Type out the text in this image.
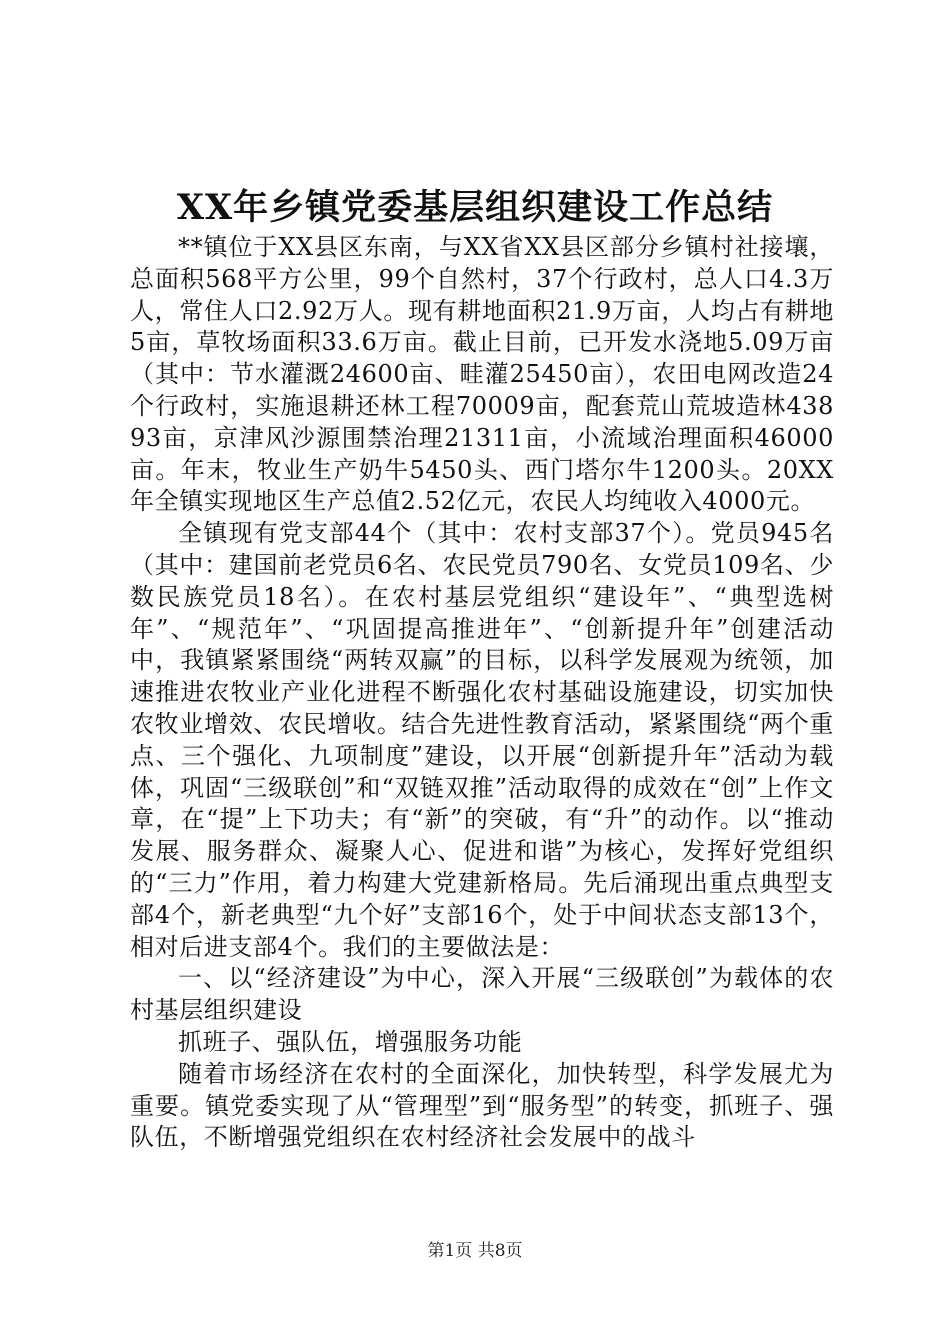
XX年乡镇党委基层组织建设工作总结

**镇位于XX县区东南，与XX省XX县区部分乡镇村社接壤，总面积568平方公里，99个自然村，37个行政村，总人口4.3万人，常住人口2.92万人。现有耕地面积21.9万亩，人均占有耕地5亩，草牧场面积33.6万亩。截止目前，已开发水浇地5.09万亩（其中：节水灌溉24600亩、畦灌25450亩），农田电网改造24个行政村，实施退耕还林工程70009亩，配套荒山荒坡造林43893亩，京津风沙源围禁治理21311亩，小流域治理面积46000亩。年末，牧业生产奶牛5450头、西门塔尔牛1200头。20XX年全镇实现地区生产总值2.52亿元，农民人均纯收入4000元。

全镇现有党支部44个（其中：农村支部37个）。党员945名（其中：建国前老党员6名、农民党员790名、女党员109名、少数民族党员18名）。在农村基层党组织“建设年”、“典型选树年”、“规范年”、“巩固提高推进年”、“创新提升年”创建活动中，我镇紧紧围绕“两转双赢”的目标，以科学发展观为统领，加速推进农牧业产业化进程不断强化农村基础设施建设，切实加快农牧业增效、农民增收。结合先进性教育活动，紧紧围绕“两个重点、三个强化、九项制度”建设，以开展“创新提升年”活动为载体，巩固“三级联创”和“双链双推”活动取得的成效在“创”上作文章，在“提”上下功夫；有“新”的突破，有“升”的动作。以“推动发展、服务群众、凝聚人心、促进和谐”为核心，发挥好党组织的“三力”作用，着力构建大党建新格局。先后涌现出重点典型支部4个，新老典型“九个好”支部16个，处于中间状态支部13个，相对后进支部4个。我们的主要做法是：

一、以“经济建设”为中心，深入开展“三级联创”为载体的农村基层组织建设

抓班子、强队伍，增强服务功能

随着市场经济在农村的全面深化，加快转型，科学发展尤为重要。镇党委实现了从“管理型”到“服务型”的转变，抓班子、强队伍，不断增强党组织在农村经济社会发展中的战斗

第1页 共8页
